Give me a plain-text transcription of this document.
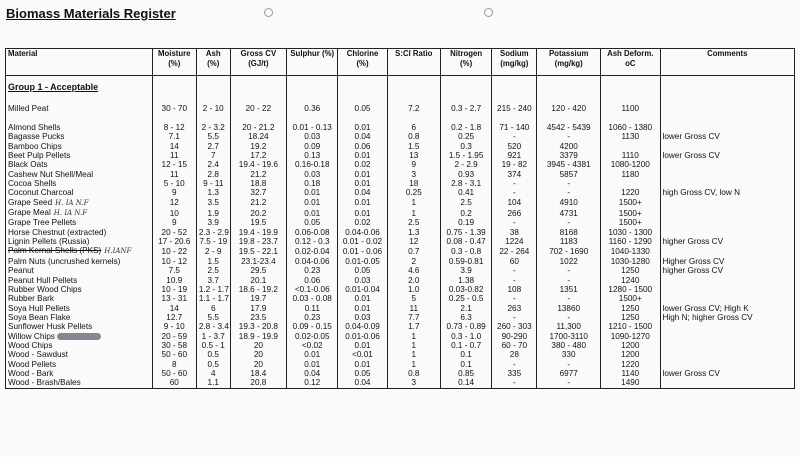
Biomass Materials Register
Material	Moisture (%)	Ash (%)	Gross CV (GJ/t)	Sulphur (%)	Chlorine (%)	S:Cl Ratio	Nitrogen (%)	Sodium (mg/kg)	Potassium (mg/kg)	Ash Deform. oC	Comments
Group 1 - Acceptable											
Milled Peat	30 - 70	2 - 10	20 - 22	0.36	0.05	7.2	0.3 - 2.7	215 - 240	120 - 420	1100	

Almond Shells	8 - 12	2 - 3.2	20 - 21.2	0.01 - 0.13	0.01	6	0.2 - 1.8	71 - 140	4542 - 5439	1060 - 1380	
Bagasse Pucks	7.1	5.5	18.24	0.03	0.04	0.8	0.25	-	-	1130	lower Gross CV
Bamboo Chips	14	2.7	19.2	0.09	0.06	1.5	0.3	520	4200		
Beet Pulp Pellets	11	7	17.2	0.13	0.01	13	1.5 - 1.95	921	3379	1110	lower Gross CV
Black Oats	12 - 15	2.4	19.4 - 19.6	0.16-0.18	0.02	9	2 - 2.9	19 - 82	3945 - 4381	1080-1200	
Cashew Nut Shell/Meal	11	2.8	21.2	0.03	0.01	3	0.93	374	5857	1180	
Cocoa Shells	5 - 10	9 - 11	18.8	0.18	0.01	18	2.8 - 3.1	-	-		
Coconut Charcoal	9	1.3	32.7	0.01	0.04	0.25	0.41	-	-	1220	high Gross CV, low N
Grape Seed H. IA N.F	12	3.5	21.2	0.01	0.01	1	2.5	104	4910	1500+	
Grape Meal H. IA N.F	10	1.9	20.2	0.01	0.01	1	0.2	266	4731	1500+	
Grape Tree Pellets	9	3.9	19.5	0.05	0.02	2.5	0.19	-	-	1500+	
Horse Chestnut (extracted)	20 - 52	2.3 - 2.9	19.4 - 19.9	0.06-0.08	0.04-0.06	1.3	0.75 - 1.39	38	8168	1030 - 1300	
Lignin Pellets (Russia)	17 - 20.6	7.5 - 19	19.8 - 23.7	0.12 - 0.3	0.01 - 0.02	12	0.08 - 0.47	1224	1183	1160 - 1290	higher Gross CV
Palm Kernal Shells (PKS) H.IANF	10 - 22	2 - 9	19.5 - 22.1	0.02-0.04	0.01 - 0.06	0.7	0.3 - 0.8	22 - 264	702 - 1690	1040-1330	
Palm Nuts (uncrushed kernels)	10 - 12	1.5	23.1-23.4	0.04-0.06	0.01-0.05	2	0.59-0.81	60	1022	1030-1280	Higher Gross CV
Peanut	7.5	2.5	29.5	0.23	0.05	4.6	3.9	-	-	1250	higher Gross CV
Peanut Hull Pellets	10.9	3.7	20.1	0.06	0.03	2.0	1.38	-	-	1240	
Rubber Wood Chips	10 - 19	1.2 - 1.7	18.6 - 19.2	<0.1-0.06	0.01-0.04	1.0	0.03-0.82	108	1351	1280 - 1500	
Rubber Bark	13 - 31	1.1 - 1.7	19.7	0.03 - 0.08	0.01	5	0.25 - 0.5	-	-	1500+	
Soya Hull Pellets	14	6	17.9	0.11	0.01	11	2.1	263	13860	1250	lower Gross CV; High K
Soya Bean Flake	12.7	5.5	23.5	0.23	0.03	7.7	6.3	-	-	1250	High N; higher Gross CV
Sunflower Husk Pellets	9 - 10	2.8 - 3.4	19.3 - 20.8	0.09 - 0.15	0.04-0.09	1.7	0.73 - 0.89	260 - 303	11,300	1210 - 1500	
Willow Chips	20 - 59	1 - 3.7	18.9 - 19.9	0.02-0.05	0.01-0.06	1	0.3 - 1.0	90-290	1700-3110	1090-1270	
Wood Chips	30 - 58	0.5 - 1	20	<0.02	0.01	1	0.1 - 0.7	60 - 70	380 - 480	1200	
Wood - Sawdust	50 - 60	0.5	20	0.01	<0.01	1	0.1	28	330	1200	
Wood Pellets	8	0.5	20	0.01	0.01	1	0.1	-	-	1220	
Wood - Bark	50 - 60	4	18.4	0.04	0.05	0.8	0.85	335	6977	1140	lower Gross CV
Wood - Brash/Bales	60	1.1	20.8	0.12	0.04	3	0.14	-	-	1490	
